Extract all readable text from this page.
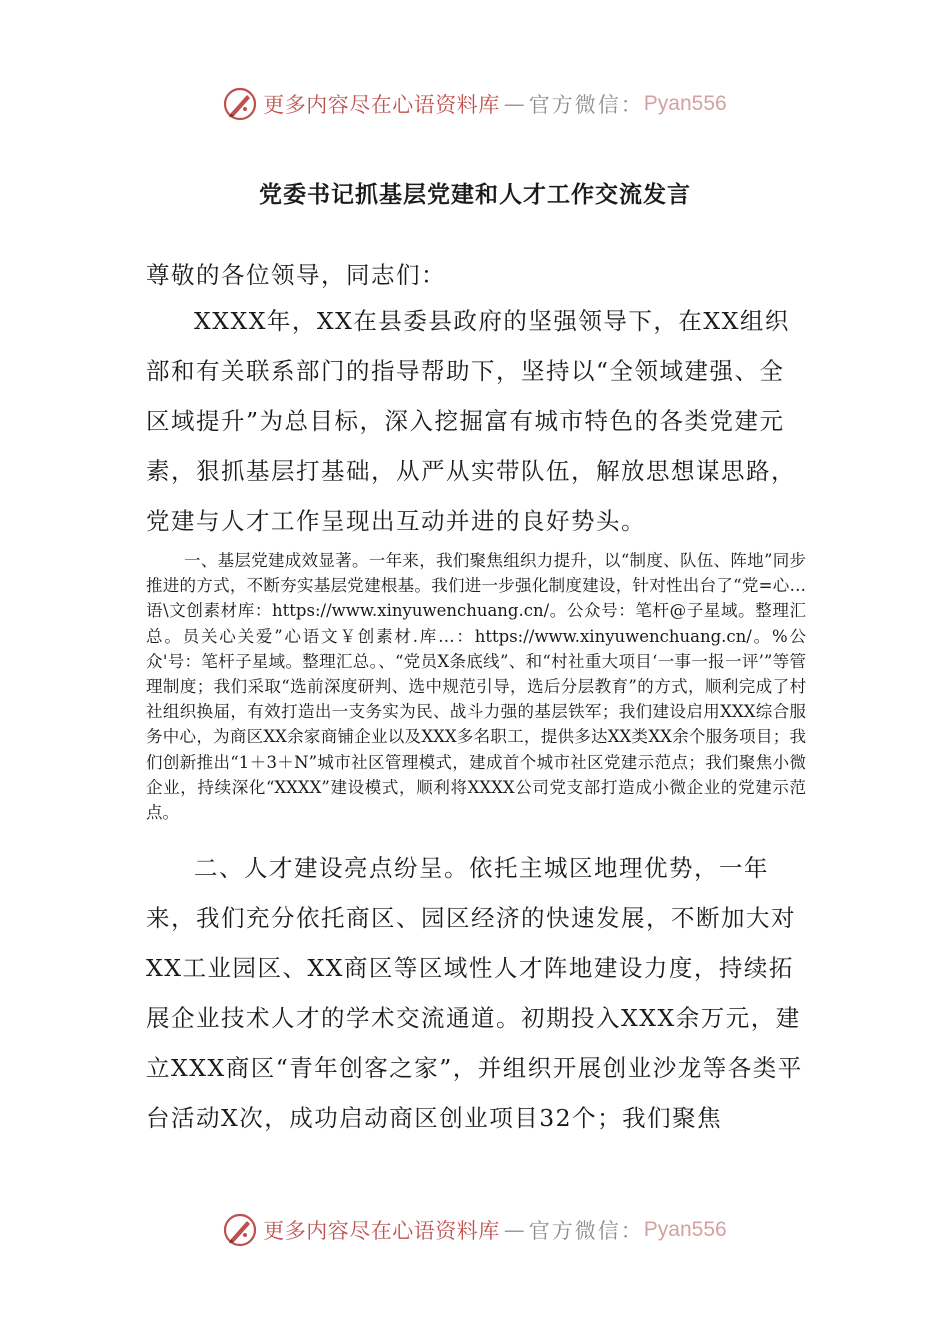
更多内容尽在心语资料库 — 官方微信： Pyan556
党委书记抓基层党建和人才工作交流发言
尊敬的各位领导，同志们：
XXXX年，XX在县委县政府的坚强领导下，在XX组织部和有关联系部门的指导帮助下，坚持以“全领域建强、全区域提升”为总目标，深入挖掘富有城市特色的各类党建元素，狠抓基层打基础，从严从实带队伍，解放思想谋思路，党建与人才工作呈现出互动并进的良好势头。
一、基层党建成效显著。一年来，我们聚焦组织力提升，以“制度、队伍、阵地”同步推进的方式，不断夯实基层党建根基。我们进一步强化制度建设，针对性出台了“党=心…语\文创素材库：https://www.xinyuwenchuang.cn/。公众号：笔杆@子星域。整理汇总。员关心关爱”心语文￥创素材.库…：https://www.xinyuwenchuang.cn/。%公众'号：笔杆子星域。整理汇总。、“党员X条底线”、和“村社重大项目‘一事一报一评’”等管理制度；我们采取“选前深度研判、选中规范引导，选后分层教育”的方式，顺利完成了村社组织换届，有效打造出一支务实为民、战斗力强的基层铁军；我们建设启用XXX综合服务中心，为商区XX余家商铺企业以及XXX多名职工，提供多达XX类XX余个服务项目；我们创新推出“1＋3＋N”城市社区管理模式，建成首个城市社区党建示范点；我们聚焦小微企业，持续深化“XXXX”建设模式，顺利将XXXX公司党支部打造成小微企业的党建示范点。
二、人才建设亮点纷呈。依托主城区地理优势，一年来，我们充分依托商区、园区经济的快速发展，不断加大对XX工业园区、XX商区等区域性人才阵地建设力度，持续拓展企业技术人才的学术交流通道。初期投入XXX余万元，建立XXX商区“青年创客之家”，并组织开展创业沙龙等各类平台活动X次，成功启动商区创业项目32个；我们聚焦
更多内容尽在心语资料库 — 官方微信： Pyan556
